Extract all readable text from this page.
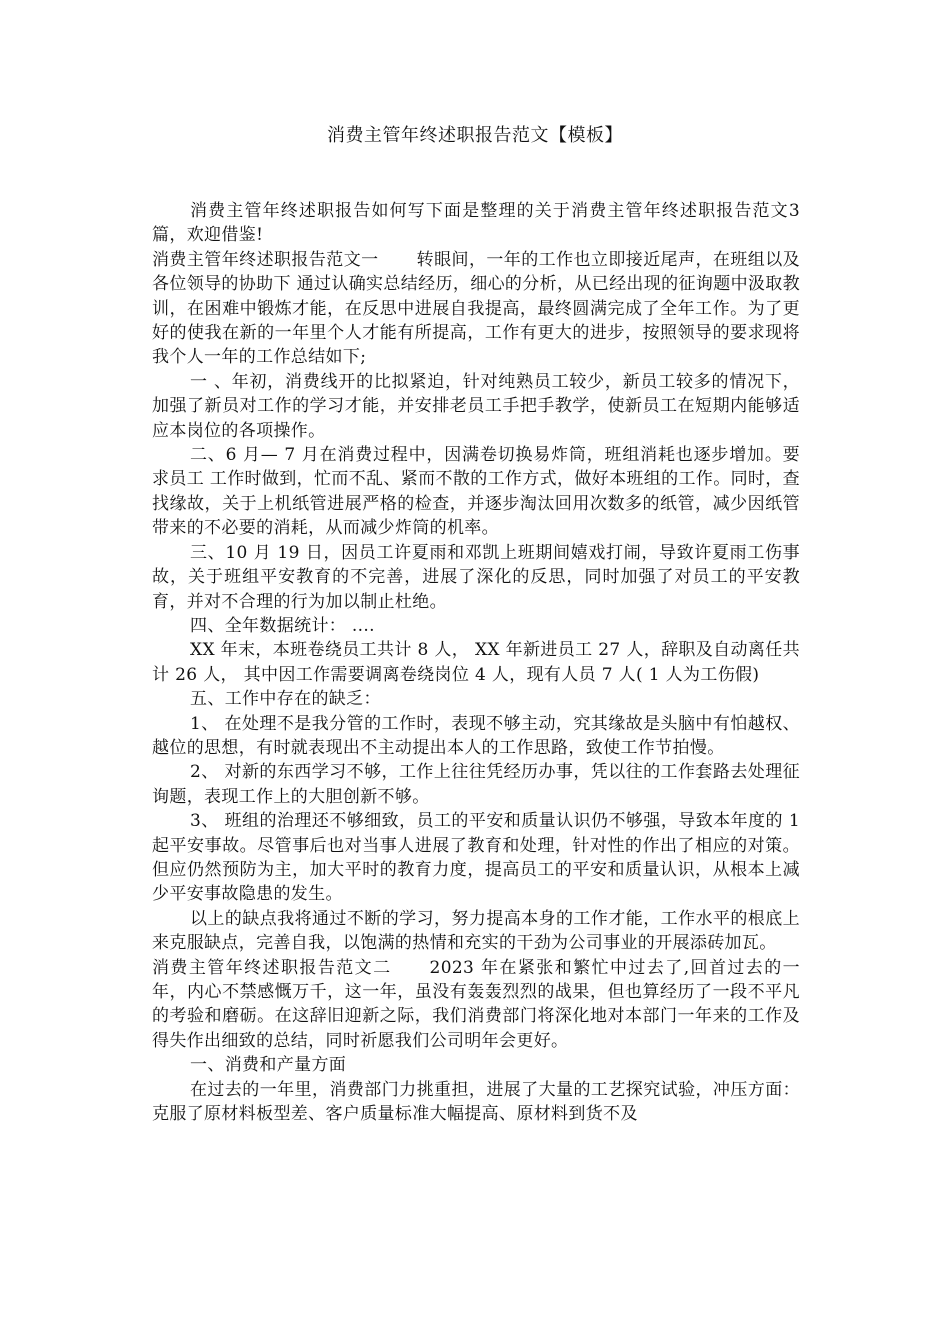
消费主管年终述职报告范文【模板】

消费主管年终述职报告如何写下面是整理的关于消费主管年终述职报告范文3篇，欢迎借鉴!

消费主管年终述职报告范文一 转眼间，一年的工作也立即接近尾声，在班组以及各位领导的协助下 通过认确实总结经历，细心的分析，从已经出现的征询题中汲取教训，在困难中锻炼才能，在反思中进展自我提高，最终圆满完成了全年工作。为了更好的使我在新的一年里个人才能有所提高，工作有更大的进步，按照领导的要求现将我个人一年的工作总结如下;

一 、年初，消费线开的比拟紧迫，针对纯熟员工较少，新员工较多的情况下，加强了新员对工作的学习才能，并安排老员工手把手教学，使新员工在短期内能够适应本岗位的各项操作。

二、6 月— 7 月在消费过程中，因满卷切换易炸筒，班组消耗也逐步增加。要求员工 工作时做到，忙而不乱、紧而不散的工作方式，做好本班组的工作。同时，查找缘故，关于上机纸管进展严格的检查，并逐步淘汰回用次数多的纸管，减少因纸管带来的不必要的消耗，从而减少炸筒的机率。

三、10 月 19 日，因员工许夏雨和邓凯上班期间嬉戏打闹，导致许夏雨工伤事故，关于班组平安教育的不完善，进展了深化的反思，同时加强了对员工的平安教育，并对不合理的行为加以制止杜绝。

四、全年数据统计： ....

XX 年末，本班卷绕员工共计 8 人， XX 年新进员工 27 人，辞职及自动离任共计 26 人， 其中因工作需要调离卷绕岗位 4 人，现有人员 7 人( 1 人为工伤假)

五、工作中存在的缺乏：

1、 在处理不是我分管的工作时，表现不够主动，究其缘故是头脑中有怕越权、越位的思想，有时就表现出不主动提出本人的工作思路，致使工作节拍慢。

2、 对新的东西学习不够，工作上往往凭经历办事，凭以往的工作套路去处理征询题，表现工作上的大胆创新不够。

3、 班组的治理还不够细致，员工的平安和质量认识仍不够强，导致本年度的 1 起平安事故。尽管事后也对当事人进展了教育和处理，针对性的作出了相应的对策。但应仍然预防为主，加大平时的教育力度，提高员工的平安和质量认识，从根本上减少平安事故隐患的发生。

以上的缺点我将通过不断的学习，努力提高本身的工作才能，工作水平的根底上来克服缺点，完善自我，以饱满的热情和充实的干劲为公司事业的开展添砖加瓦。

消费主管年终述职报告范文二 2023 年在紧张和繁忙中过去了,回首过去的一年，内心不禁感慨万千，这一年，虽没有轰轰烈烈的战果，但也算经历了一段不平凡的考验和磨砺。在这辞旧迎新之际，我们消费部门将深化地对本部门一年来的工作及得失作出细致的总结，同时祈愿我们公司明年会更好。

一、消费和产量方面

在过去的一年里，消费部门力挑重担，进展了大量的工艺探究试验，冲压方面：克服了原材料板型差、客户质量标准大幅提高、原材料到货不及
